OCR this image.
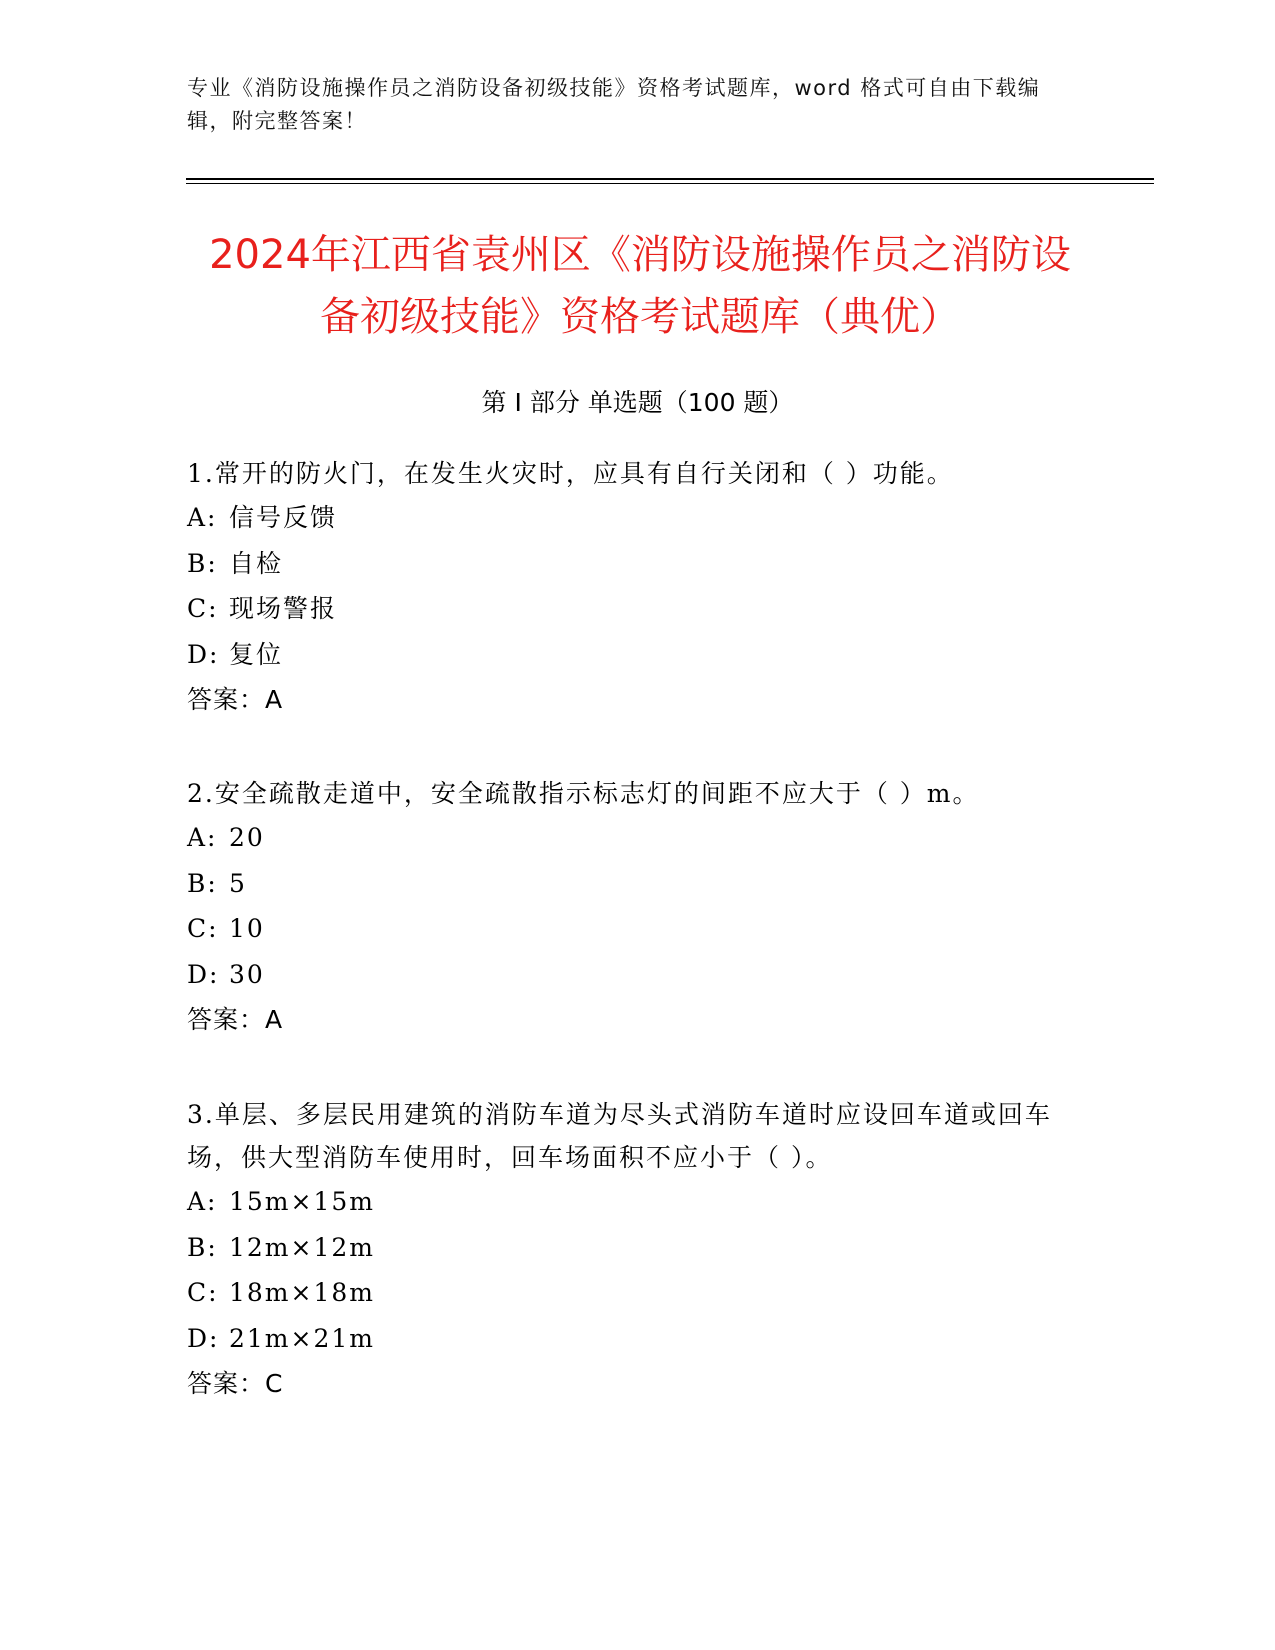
专业《消防设施操作员之消防设备初级技能》资格考试题库，word 格式可自由下载编辑，附完整答案！
2024年江西省袁州区《消防设施操作员之消防设备初级技能》资格考试题库（典优）
第 I 部分 单选题（100 题）
1.常开的防火门，在发生火灾时，应具有自行关闭和（ ）功能。
A: 信号反馈
B: 自检
C: 现场警报
D: 复位
答案：A
2.安全疏散走道中，安全疏散指示标志灯的间距不应大于（ ）m。
A: 20
B: 5
C: 10
D: 30
答案：A
3.单层、多层民用建筑的消防车道为尽头式消防车道时应设回车道或回车场，供大型消防车使用时，回车场面积不应小于（ ）。
A: 15m×15m
B: 12m×12m
C: 18m×18m
D: 21m×21m
答案：C
